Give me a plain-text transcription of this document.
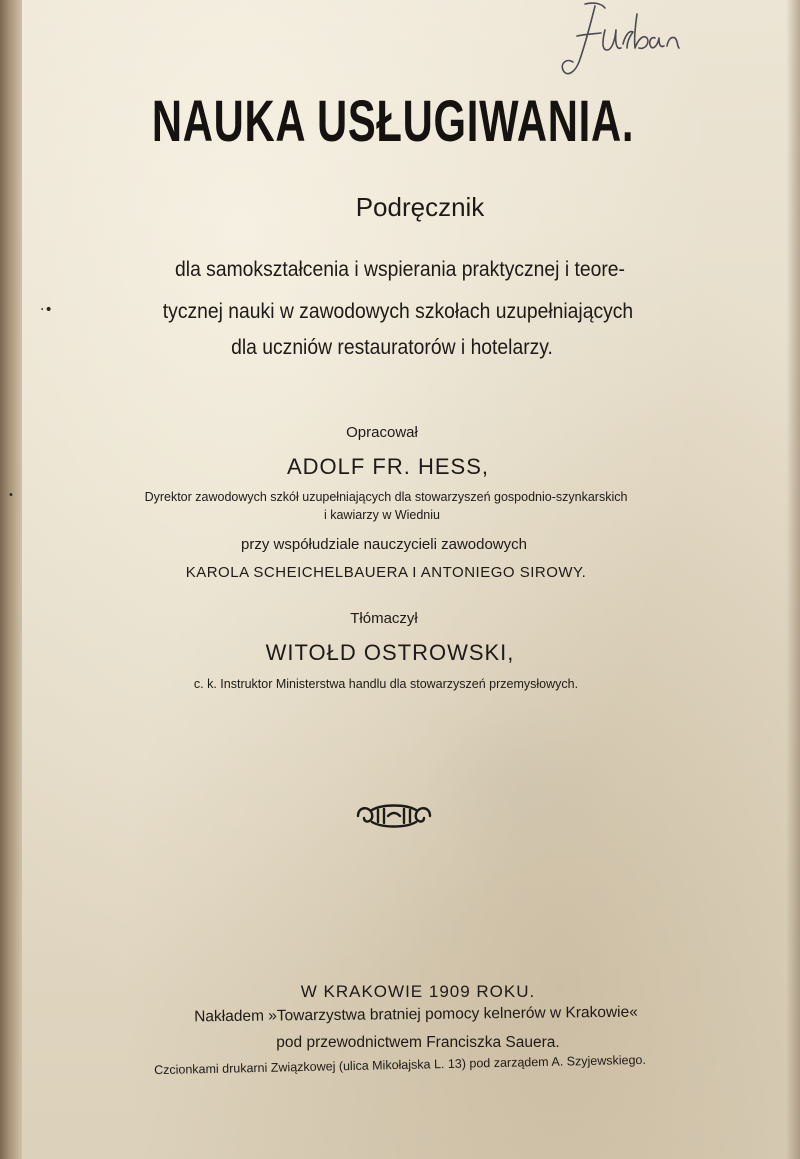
NAUKA USŁUGIWANIA.
Podręcznik
dla samokształcenia i wspierania praktycznej i teore-
tycznej nauki w zawodowych szkołach uzupełniających
dla uczniów restauratorów i hotelarzy.
Opracował
ADOLF FR. HESS,
Dyrektor zawodowych szkół uzupełniających dla stowarzyszeń gospodnio-szynkarskich
i kawiarzy w Wiedniu
przy współudziale nauczycieli zawodowych
KAROLA SCHEICHELBAUERA I ANTONIEGO SIROWY.
Tłómaczył
WITOŁD OSTROWSKI,
c. k. Instruktor Ministerstwa handlu dla stowarzyszeń przemysłowych.
W KRAKOWIE 1909 ROKU.
Nakładem »Towarzystwa bratniej pomocy kelnerów w Krakowie«
pod przewodnictwem Franciszka Sauera.
Czcionkami drukarni Związkowej (ulica Mikołajska L. 13) pod zarządem A. Szyjewskiego.
·•
•
